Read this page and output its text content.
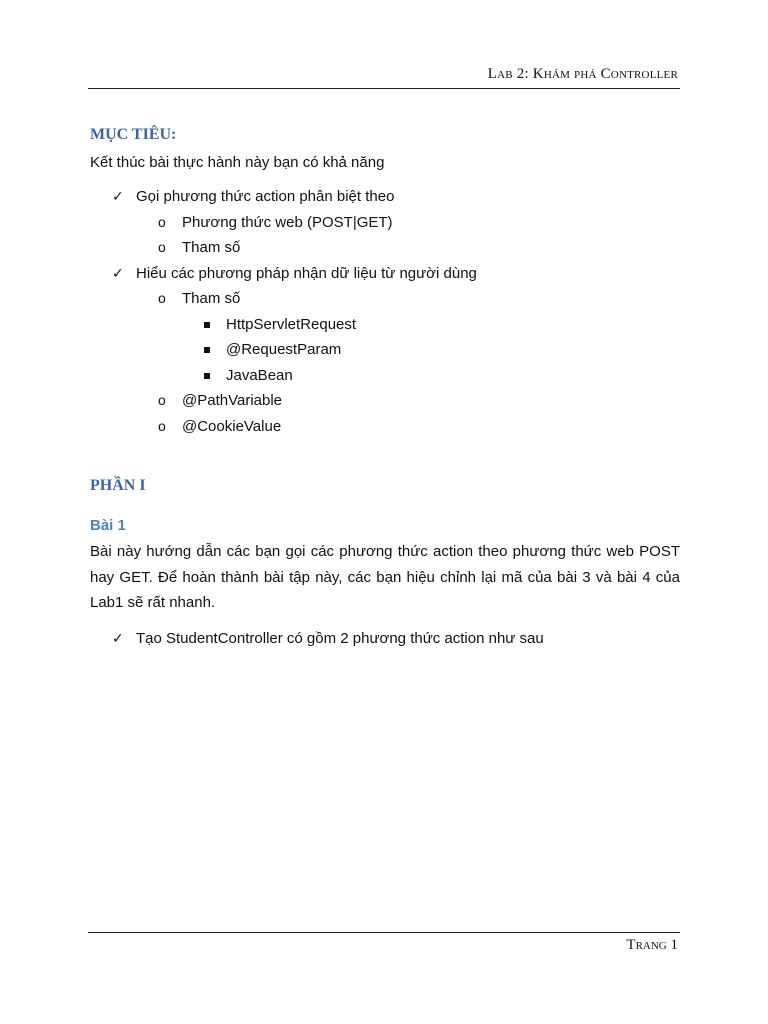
Lab 2: Khám phá Controller
MỤC TIÊU:
Kết thúc bài thực hành này bạn có khả năng
✓ Gọi phương thức action phân biệt theo
o Phương thức web (POST|GET)
o Tham số
✓ Hiểu các phương pháp nhận dữ liệu từ người dùng
o Tham số
HttpServletRequest
@RequestParam
JavaBean
o @PathVariable
o @CookieValue
PHẦN I
Bài 1

Bài này hướng dẫn các bạn gọi các phương thức action theo phương thức web POST hay GET. Để hoàn thành bài tập này, các bạn hiệu chỉnh lại mã của bài 3 và bài 4 của Lab1 sẽ rất nhanh.

✓ Tạo StudentController có gồm 2 phương thức action như sau
Trang 1
